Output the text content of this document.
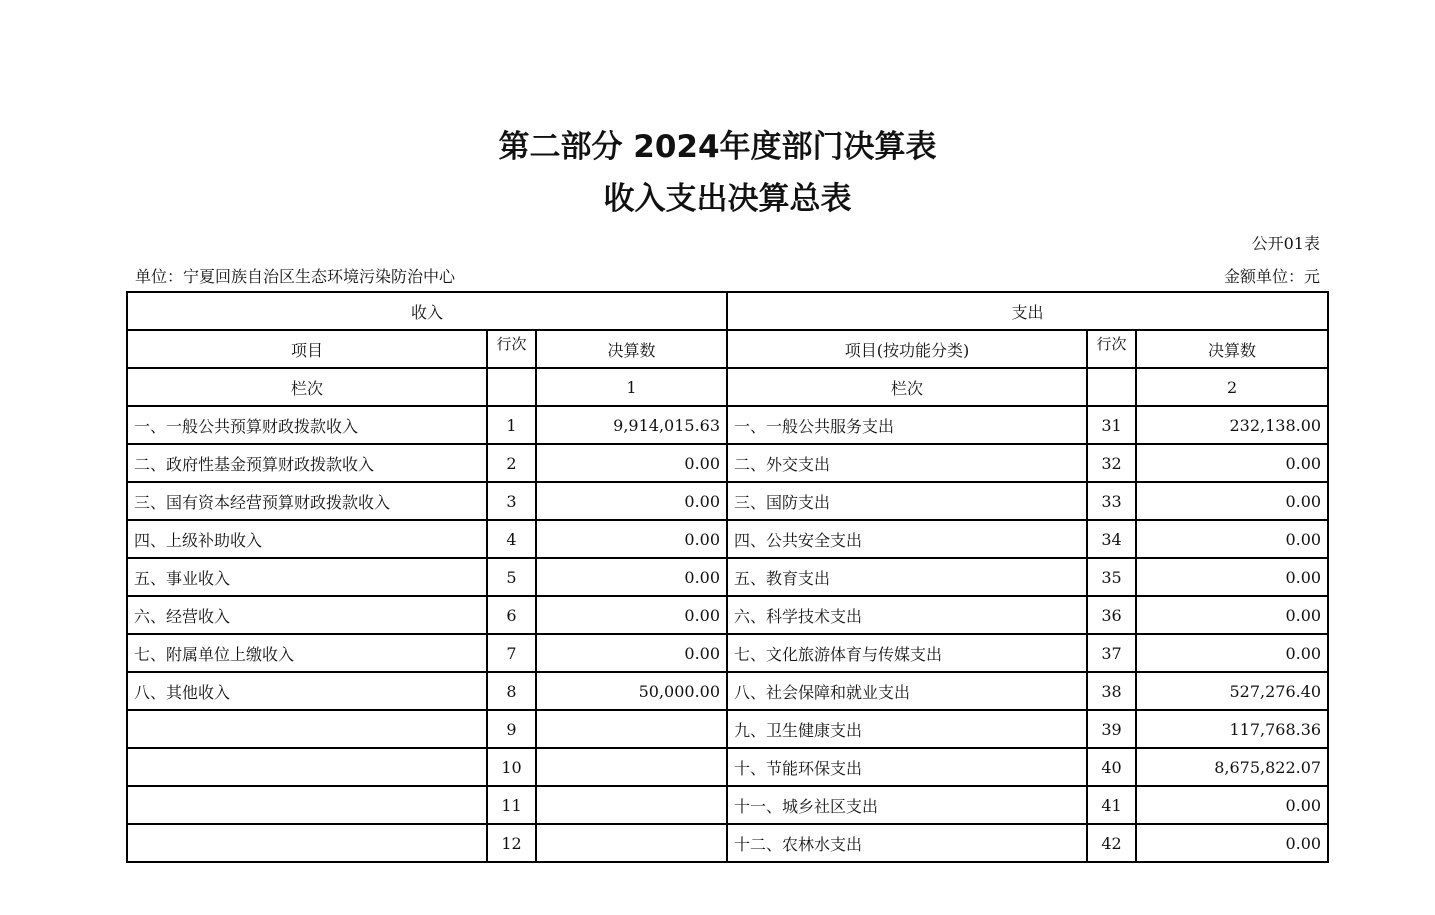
第二部分 2024年度部门决算表
收入支出决算总表
公开01表
单位：宁夏回族自治区生态环境污染防治中心	金额单位：元
收入			支出		
项目	行次	决算数	项目(按功能分类)	行次	决算数
栏次		1	栏次		2
一、一般公共预算财政拨款收入	1	9,914,015.63	一、一般公共服务支出	31	232,138.00
二、政府性基金预算财政拨款收入	2	0.00	二、外交支出	32	0.00
三、国有资本经营预算财政拨款收入	3	0.00	三、国防支出	33	0.00
四、上级补助收入	4	0.00	四、公共安全支出	34	0.00
五、事业收入	5	0.00	五、教育支出	35	0.00
六、经营收入	6	0.00	六、科学技术支出	36	0.00
七、附属单位上缴收入	7	0.00	七、文化旅游体育与传媒支出	37	0.00
八、其他收入	8	50,000.00	八、社会保障和就业支出	38	527,276.40
	9		九、卫生健康支出	39	117,768.36
	10		十、节能环保支出	40	8,675,822.07
	11		十一、城乡社区支出	41	0.00
	12		十二、农林水支出	42	0.00
